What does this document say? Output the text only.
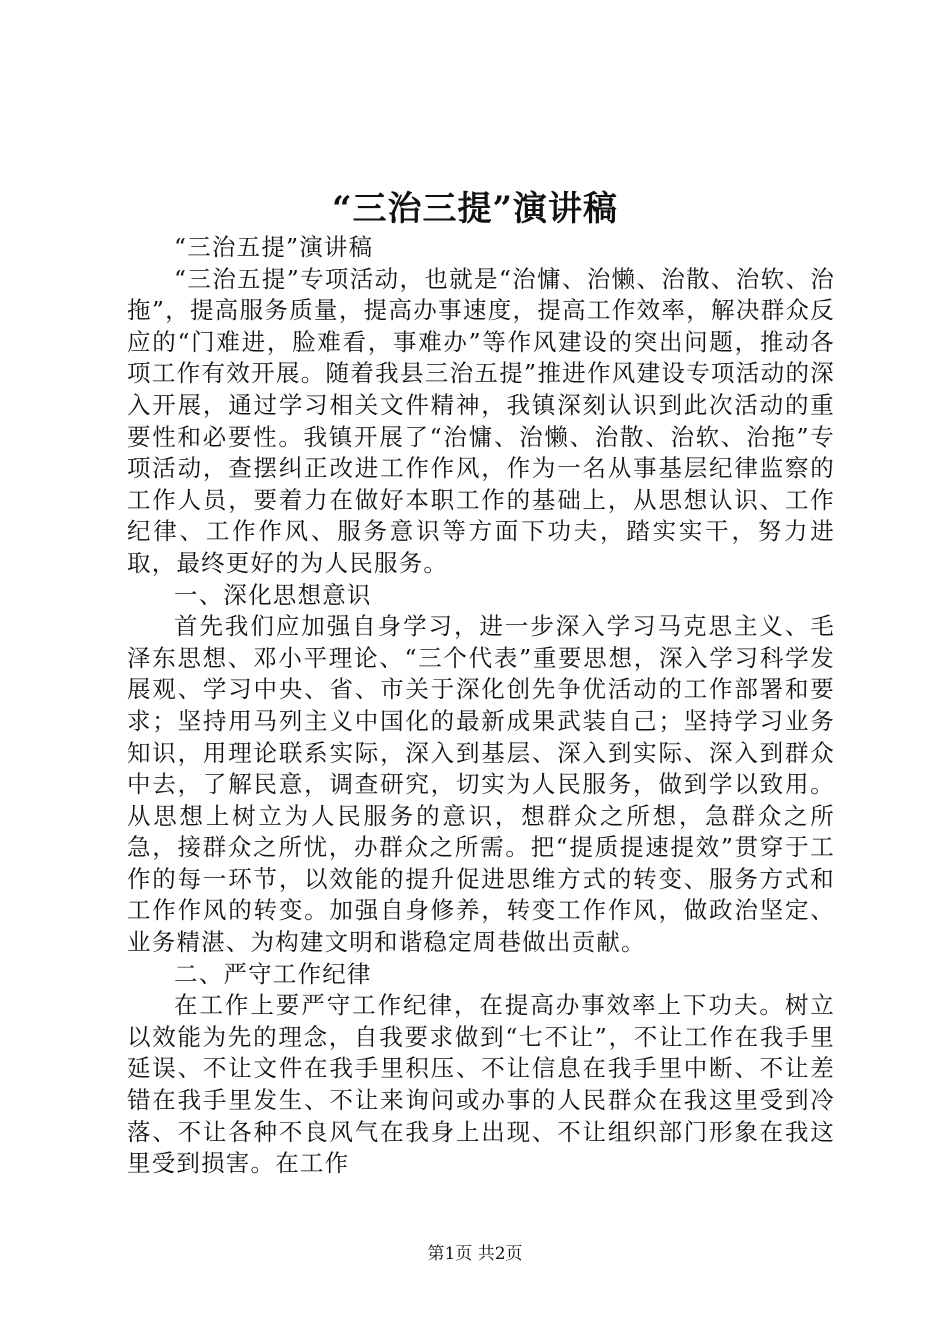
“三治三提”演讲稿

“三治五提”演讲稿

“三治五提”专项活动，也就是“治慵、治懒、治散、治软、治拖”，提高服务质量，提高办事速度，提高工作效率，解决群众反应的“门难进，脸难看，事难办”等作风建设的突出问题，推动各项工作有效开展。随着我县三治五提”推进作风建设专项活动的深入开展，通过学习相关文件精神，我镇深刻认识到此次活动的重要性和必要性。我镇开展了“治慵、治懒、治散、治软、治拖”专项活动，查摆纠正改进工作作风，作为一名从事基层纪律监察的工作人员，要着力在做好本职工作的基础上，从思想认识、工作纪律、工作作风、服务意识等方面下功夫，踏实实干，努力进取，最终更好的为人民服务。

一、深化思想意识

首先我们应加强自身学习，进一步深入学习马克思主义、毛泽东思想、邓小平理论、“三个代表”重要思想，深入学习科学发展观、学习中央、省、市关于深化创先争优活动的工作部署和要求；坚持用马列主义中国化的最新成果武装自己；坚持学习业务知识，用理论联系实际，深入到基层、深入到实际、深入到群众中去，了解民意，调查研究，切实为人民服务，做到学以致用。从思想上树立为人民服务的意识，想群众之所想，急群众之所急，接群众之所忧，办群众之所需。把“提质提速提效”贯穿于工作的每一环节，以效能的提升促进思维方式的转变、服务方式和工作作风的转变。加强自身修养，转变工作作风，做政治坚定、业务精湛、为构建文明和谐稳定周巷做出贡献。

二、严守工作纪律

在工作上要严守工作纪律，在提高办事效率上下功夫。树立以效能为先的理念，自我要求做到“七不让”，不让工作在我手里延误、不让文件在我手里积压、不让信息在我手里中断、不让差错在我手里发生、不让来询问或办事的人民群众在我这里受到冷落、不让各种不良风气在我身上出现、不让组织部门形象在我这里受到损害。在工作

第1页 共2页
